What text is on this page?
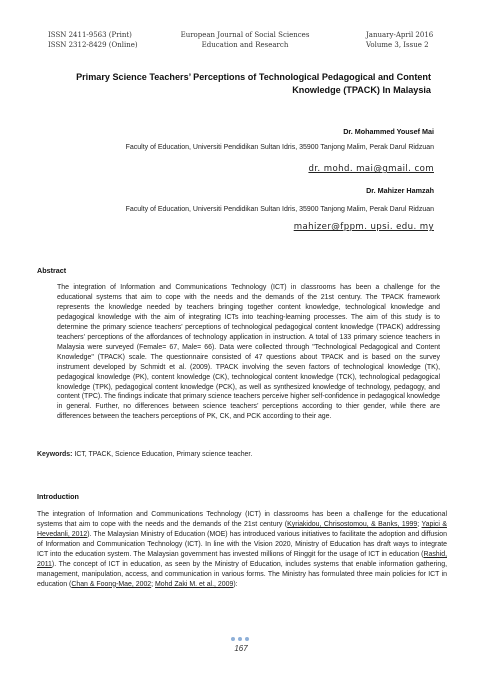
ISSN 2411-9563 (Print)
ISSN 2312-8429 (Online)
European Journal of Social Sciences
Education and Research
January-April 2016
Volume 3, Issue 2
Primary Science Teachers’ Perceptions of Technological Pedagogical and Content
Knowledge (TPACK) In Malaysia
Dr. Mohammed Yousef Mai
Faculty of Education, Universiti Pendidikan Sultan Idris, 35900 Tanjong Malim, Perak Darul Ridzuan
dr. mohd. mai@gmail. com
Dr. Mahizer Hamzah
Faculty of Education, Universiti Pendidikan Sultan Idris, 35900 Tanjong Malim, Perak Darul Ridzuan
mahizer@fppm. upsi. edu. my
Abstract

The integration of Information and Communications Technology (ICT) in classrooms has been a challenge for the educational systems that aim to cope with the needs and the demands of the 21st century. The TPACK framework represents the knowledge needed by teachers bringing together content knowledge, technological knowledge and pedagogical knowledge with the aim of integrating ICTs into teaching-learning processes. The aim of this study is to determine the primary science teachers’ perceptions of technological pedagogical content knowledge (TPACK) addressing teachers’ perceptions of the affordances of technology application in instruction. A total of 133 primary science teachers in Malaysia were surveyed (Female= 67, Male= 66). Data were collected through "Technological Pedagogical and Content Knowledge" (TPACK) scale. The questionnaire consisted of 47 questions about TPACK and is based on the survey instrument developed by Schmidt et al. (2009). TPACK involving the seven factors of technological knowledge (TK), pedagogical knowledge (PK), content knowledge (CK), technological content knowledge (TCK), technological pedagogical knowledge (TPK), pedagogical content knowledge (PCK), as well as synthesized knowledge of technology, pedagogy, and content (TPC). The findings indicate that primary science teachers perceive higher self-confidence in pedagogical knowledge in general. Further, no differences between science teachers’ perceptions according to thier gender, while there are differences between the teachers perceptions of PK, CK, and PCK according to their age.

Keywords: ICT, TPACK, Science Education, Primary science teacher.

Introduction

The integration of Information and Communications Technology (ICT) in classrooms has been a challenge for the educational systems that aim to cope with the needs and the demands of the 21st century (Kyriakidou, Chrisostomou, & Banks, 1999; Yapici & Hevedanli, 2012). The Malaysian Ministry of Education (MOE) has introduced various initiatives to facilitate the adoption and diffusion of Information and Communication Technology (ICT). In line with the Vision 2020, Ministry of Education has draft ways to integrate ICT into the education system. The Malaysian government has invested millions of Ringgit for the usage of ICT in education (Rashid, 2011). The concept of ICT in education, as seen by the Ministry of Education, includes systems that enable information gathering, management, manipulation, access, and communication in various forms. The Ministry has formulated three main policies for ICT in education (Chan & Foong-Mae, 2002; Mohd Zaki M. et al., 2009):

167
